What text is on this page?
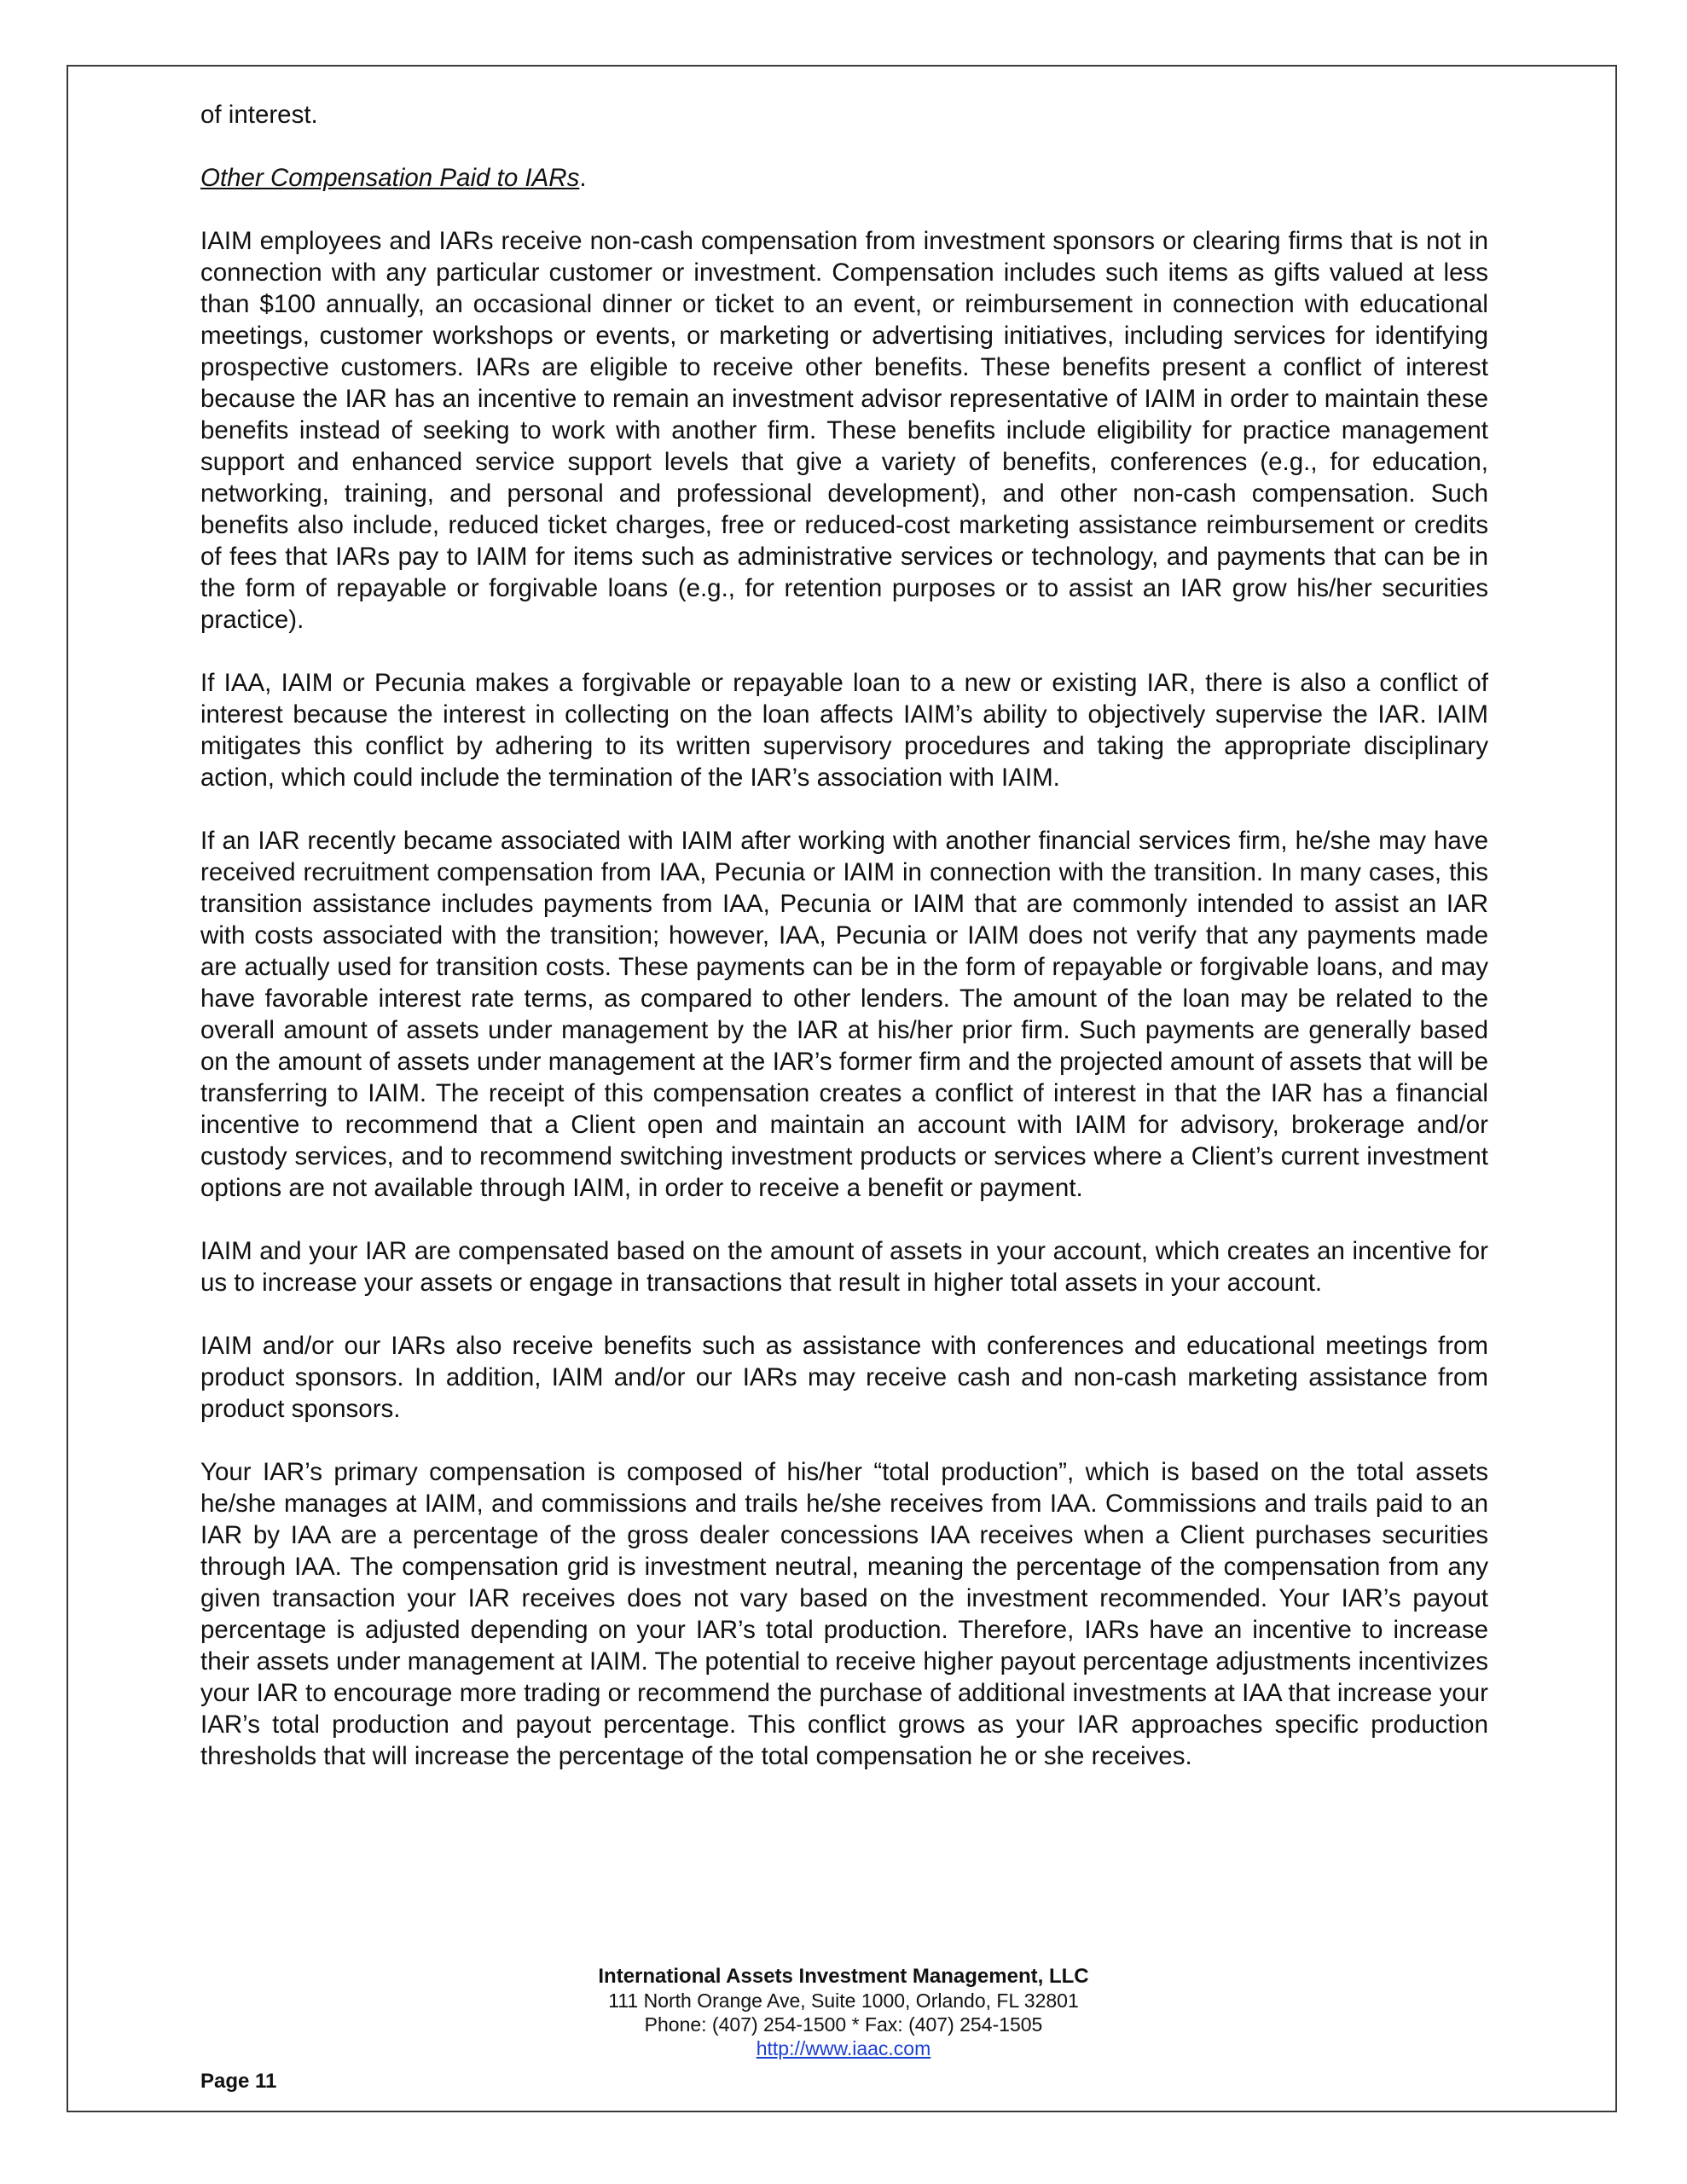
of interest.

Other Compensation Paid to IARs.

IAIM employees and IARs receive non-cash compensation from investment sponsors or clearing firms that is not in connection with any particular customer or investment. Compensation includes such items as gifts valued at less than $100 annually, an occasional dinner or ticket to an event, or reimbursement in connection with educational meetings, customer workshops or events, or marketing or advertising initiatives, including services for identifying prospective customers. IARs are eligible to receive other benefits. These benefits present a conflict of interest because the IAR has an incentive to remain an investment advisor representative of IAIM in order to maintain these benefits instead of seeking to work with another firm. These benefits include eligibility for practice management support and enhanced service support levels that give a variety of benefits, conferences (e.g., for education, networking, training, and personal and professional development), and other non-cash compensation. Such benefits also include, reduced ticket charges, free or reduced-cost marketing assistance reimbursement or credits of fees that IARs pay to IAIM for items such as administrative services or technology, and payments that can be in the form of repayable or forgivable loans (e.g., for retention purposes or to assist an IAR grow his/her securities practice).

If IAA, IAIM or Pecunia makes a forgivable or repayable loan to a new or existing IAR, there is also a conflict of interest because the interest in collecting on the loan affects IAIM’s ability to objectively supervise the IAR. IAIM mitigates this conflict by adhering to its written supervisory procedures and taking the appropriate disciplinary action, which could include the termination of the IAR’s association with IAIM.

If an IAR recently became associated with IAIM after working with another financial services firm, he/she may have received recruitment compensation from IAA, Pecunia or IAIM in connection with the transition. In many cases, this transition assistance includes payments from IAA, Pecunia or IAIM that are commonly intended to assist an IAR with costs associated with the transition; however, IAA, Pecunia or IAIM does not verify that any payments made are actually used for transition costs. These payments can be in the form of repayable or forgivable loans, and may have favorable interest rate terms, as compared to other lenders. The amount of the loan may be related to the overall amount of assets under management by the IAR at his/her prior firm. Such payments are generally based on the amount of assets under management at the IAR’s former firm and the projected amount of assets that will be transferring to IAIM. The receipt of this compensation creates a conflict of interest in that the IAR has a financial incentive to recommend that a Client open and maintain an account with IAIM for advisory, brokerage and/or custody services, and to recommend switching investment products or services where a Client’s current investment options are not available through IAIM, in order to receive a benefit or payment.

IAIM and your IAR are compensated based on the amount of assets in your account, which creates an incentive for us to increase your assets or engage in transactions that result in higher total assets in your account.

IAIM and/or our IARs also receive benefits such as assistance with conferences and educational meetings from product sponsors. In addition, IAIM and/or our IARs may receive cash and non-cash marketing assistance from product sponsors.

Your IAR’s primary compensation is composed of his/her “total production”, which is based on the total assets he/she manages at IAIM, and commissions and trails he/she receives from IAA. Commissions and trails paid to an IAR by IAA are a percentage of the gross dealer concessions IAA receives when a Client purchases securities through IAA. The compensation grid is investment neutral, meaning the percentage of the compensation from any given transaction your IAR receives does not vary based on the investment recommended. Your IAR’s payout percentage is adjusted depending on your IAR’s total production. Therefore, IARs have an incentive to increase their assets under management at IAIM. The potential to receive higher payout percentage adjustments incentivizes your IAR to encourage more trading or recommend the purchase of additional investments at IAA that increase your IAR’s total production and payout percentage. This conflict grows as your IAR approaches specific production thresholds that will increase the percentage of the total compensation he or she receives.

International Assets Investment Management, LLC
111 North Orange Ave, Suite 1000, Orlando, FL 32801
Phone: (407) 254-1500 * Fax: (407) 254-1505
http://www.iaac.com
Page 11
